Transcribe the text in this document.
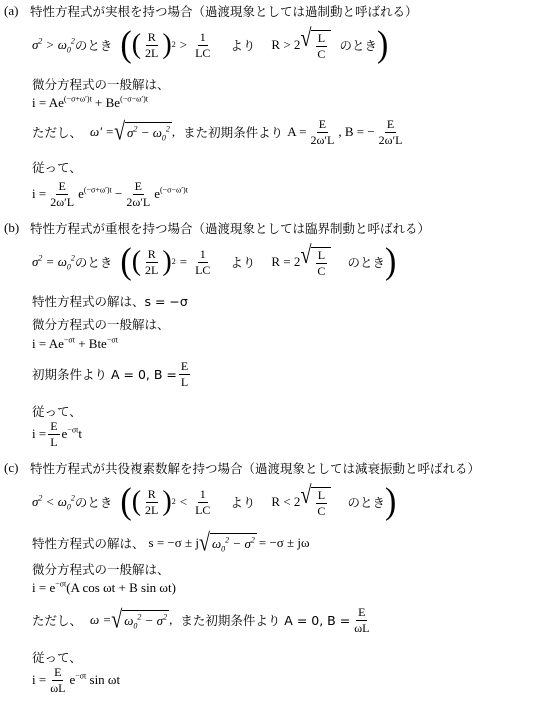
(a) 特性方程式が実根を持つ場合（過渡現象としては過制動と呼ばれる）
$\sigma^2 > \omega_0^2$ のとき ( ( $\frac{R}{2L}$ ) $2 > \frac{1}{LC}$ より R > 2 √ $\frac{L}{C}$ のとき )
微分方程式の一般解は、
$i = Ae^{(-\sigma+\omega')t} + Be^{(-\sigma-\omega')t}$
ただし、 ω′ = √ $\sigma^2 - \omega_0^2$ , また初期条件より $A = \frac{E}{2\omega'L}$ , B = − $\frac{E}{2\omega'L}$
従って、
$i = \frac{E}{2\omega'L} e^{(-\sigma+\omega')t} - \frac{E}{2\omega'L} e^{(-\sigma-\omega')t}$
(b) 特性方程式が重根を持つ場合（過渡現象としては臨界制動と呼ばれる）
$\sigma^2 = \omega_0^2$ のとき ( ( $\frac{R}{2L}$ ) $2 = \frac{1}{LC}$ より R = 2 √ $\frac{L}{C}$ のとき )
特性方程式の解は、s = −σ
微分方程式の一般解は、
$i = Ae^{-\sigma t} + Bte^{-\sigma t}$
初期条件より A = 0, $B = \frac{E}{L}$
従って、
$i = \frac{E}{L} e^{-\sigma t}t$
(c) 特性方程式が共役複素数解を持つ場合（過渡現象としては減衰振動と呼ばれる）
$\sigma^2 < \omega_0^2$ のとき ( ( $\frac{R}{2L}$ ) $2 < \frac{1}{LC}$ より R < 2 √ $\frac{L}{C}$ のとき )
特性方程式の解は、 s = −σ ± j √ $\omega_0^2 - \sigma^2 = -\sigma \pm j\omega$
微分方程式の一般解は、
$i = e^{-\sigma t}(A$ cos ωt + B sin ωt)
ただし、 ω = √ $\omega_0^2 - \sigma^2$ , また初期条件より A = 0, $B = \frac{E}{\omega L}$
従って、
$i = \frac{E}{\omega L} e^{-\sigma t}$ sin ωt
